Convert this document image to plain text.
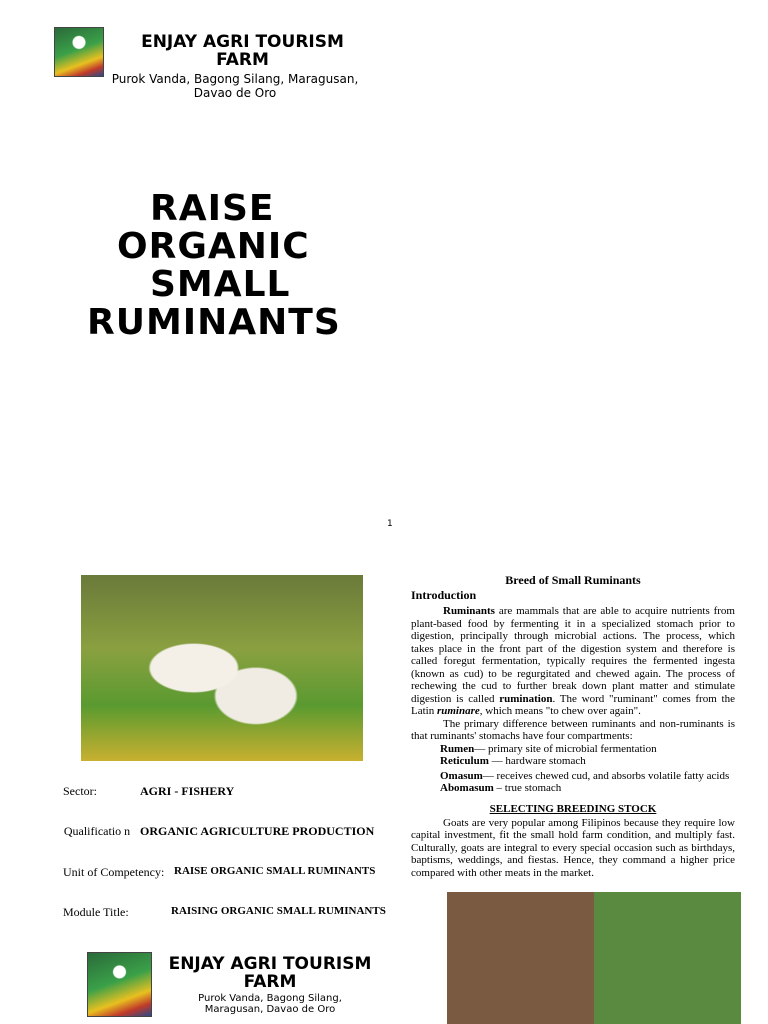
ENJAY AGRI TOURISM FARM
Purok Vanda, Bagong Silang, Maragusan, Davao de Oro
RAISE
ORGANIC
SMALL
RUMINANTS
1
Sector:	AGRI - FISHERY
Qualificatio n ORGANIC AGRICULTURE PRODUCTION
Unit of Competency: RAISE ORGANIC SMALL RUMINANTS
Module Title:	RAISING ORGANIC SMALL RUMINANTS
ENJAY AGRI TOURISM FARM
Purok Vanda, Bagong Silang, Maragusan, Davao de Oro
Breed of Small Ruminants
Introduction
Ruminants are mammals that are able to acquire nutrients from plant-based food by fermenting it in a specialized stomach prior to digestion, principally through microbial actions. The process, which takes place in the front part of the digestion system and therefore is called foregut fermentation, typically requires the fermented ingesta (known as cud) to be regurgitated and chewed again. The process of rechewing the cud to further break down plant matter and stimulate digestion is called rumination. The word "ruminant" comes from the Latin ruminare, which means "to chew over again".
The primary difference between ruminants and non-ruminants is that ruminants' stomachs have four compartments:
Rumen— primary site of microbial fermentation
Reticulum — hardware stomach
Omasum— receives chewed cud, and absorbs volatile fatty acids
Abomasum – true stomach
SELECTING BREEDING STOCK
Goats are very popular among Filipinos because they require low capital investment, fit the small hold farm condition, and multiply fast. Culturally, goats are integral to every special occasion such as birthdays, baptisms, weddings, and fiestas. Hence, they command a higher price compared with other meats in the market.
